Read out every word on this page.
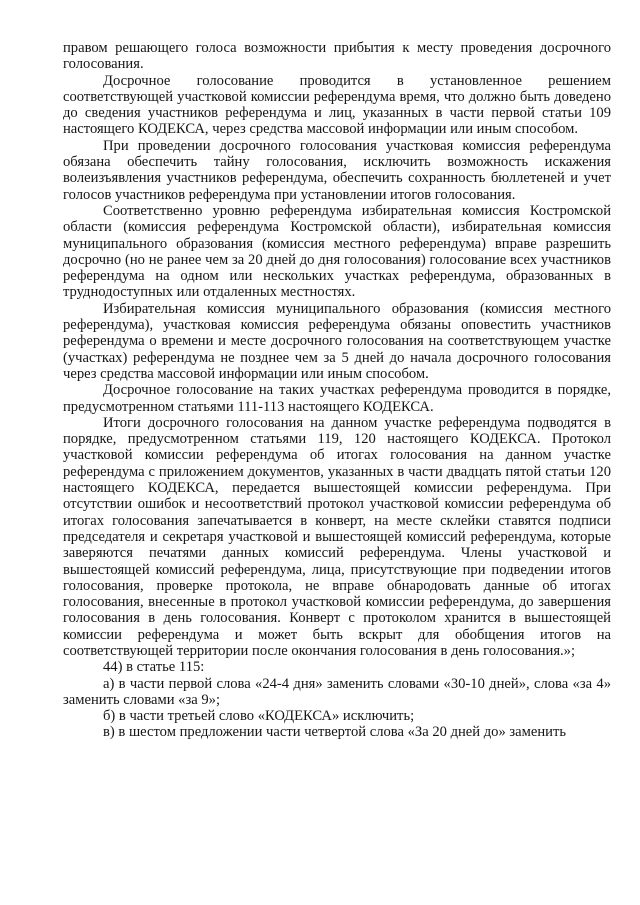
правом решающего голоса возможности прибытия к месту проведения досрочного голосования.

Досрочное голосование проводится в установленное решением соответствующей участковой комиссии референдума время, что должно быть доведено до сведения участников референдума и лиц, указанных в части первой статьи 109 настоящего КОДЕКСА, через средства массовой информации или иным способом.

При проведении досрочного голосования участковая комиссия референдума обязана обеспечить тайну голосования, исключить возможность искажения волеизъявления участников референдума, обеспечить сохранность бюллетеней и учет голосов участников референдума при установлении итогов голосования.

Соответственно уровню референдума избирательная комиссия Костромской области (комиссия референдума Костромской области), избирательная комиссия муниципального образования (комиссия местного референдума) вправе разрешить досрочно (но не ранее чем за 20 дней до дня голосования) голосование всех участников референдума на одном или нескольких участках референдума, образованных в труднодоступных или отдаленных местностях.

Избирательная комиссия муниципального образования (комиссия местного референдума), участковая комиссия референдума обязаны оповестить участников референдума о времени и месте досрочного голосования на соответствующем участке (участках) референдума не позднее чем за 5 дней до начала досрочного голосования через средства массовой информации или иным способом.

Досрочное голосование на таких участках референдума проводится в порядке, предусмотренном статьями 111-113 настоящего КОДЕКСА.

Итоги досрочного голосования на данном участке референдума подводятся в порядке, предусмотренном статьями 119, 120 настоящего КОДЕКСА. Протокол участковой комиссии референдума об итогах голосования на данном участке референдума с приложением документов, указанных в части двадцать пятой статьи 120 настоящего КОДЕКСА, передается вышестоящей комиссии референдума. При отсутствии ошибок и несоответствий протокол участковой комиссии референдума об итогах голосования запечатывается в конверт, на месте склейки ставятся подписи председателя и секретаря участковой и вышестоящей комиссий референдума, которые заверяются печатями данных комиссий референдума. Члены участковой и вышестоящей комиссий референдума, лица, присутствующие при подведении итогов голосования, проверке протокола, не вправе обнародовать данные об итогах голосования, внесенные в протокол участковой комиссии референдума, до завершения голосования в день голосования. Конверт с протоколом хранится в вышестоящей комиссии референдума и может быть вскрыт для обобщения итогов на соответствующей территории после окончания голосования в день голосования.»;

44) в статье 115:

а) в части первой слова «24-4 дня» заменить словами «30-10 дней», слова «за 4» заменить словами «за 9»;

б) в части третьей слово «КОДЕКСА» исключить;

в) в шестом предложении части четвертой слова «За 20 дней до» заменить
